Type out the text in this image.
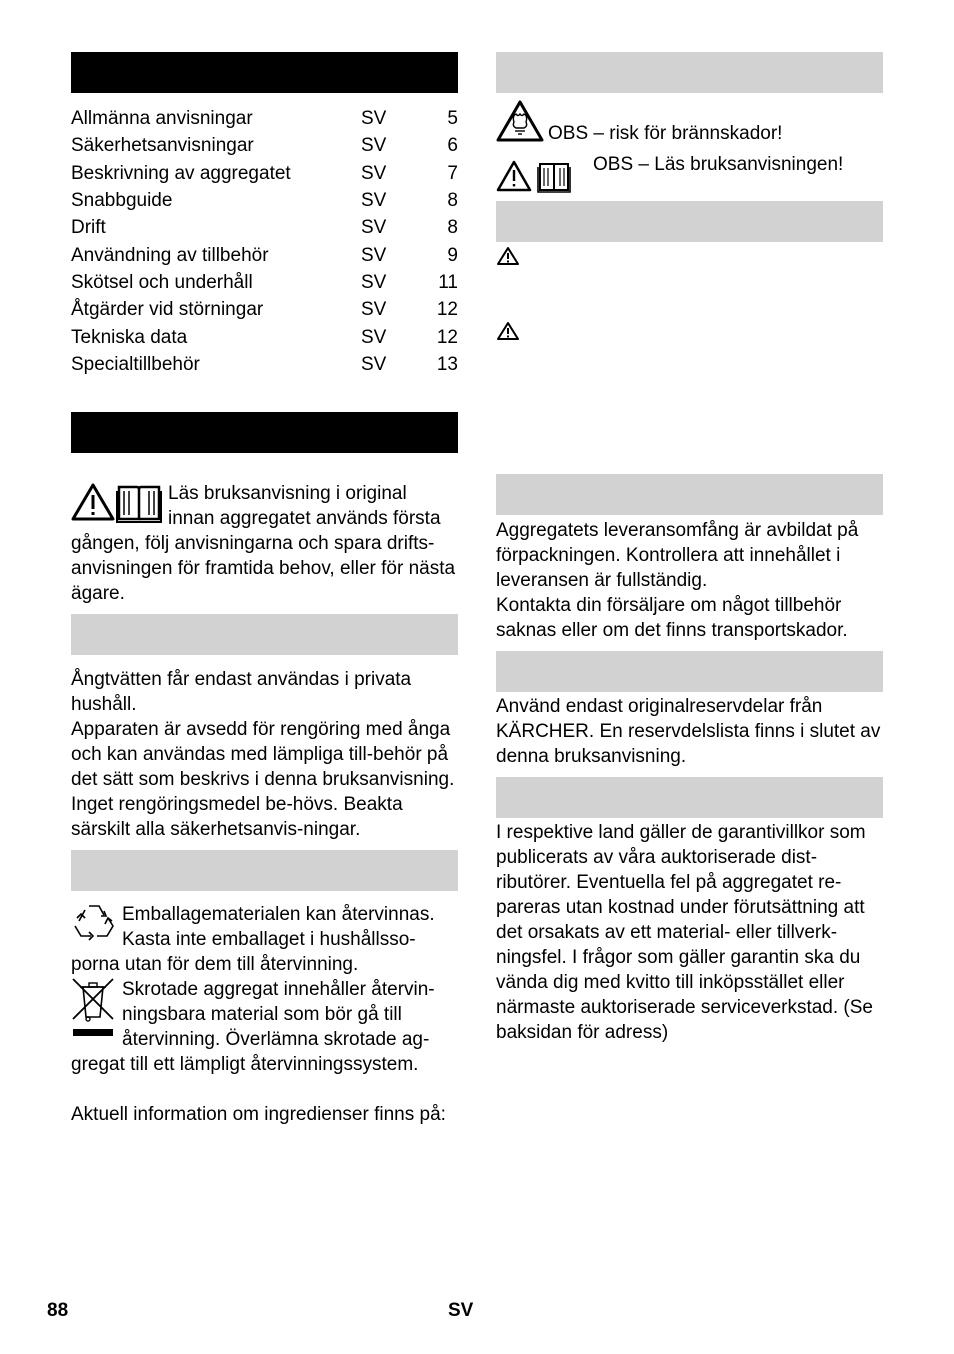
Allmänna anvisningar	SV	5
Säkerhetsanvisningar	SV	6
Beskrivning av aggregatet	SV	7
Snabbguide	SV	8
Drift	SV	8
Användning av tillbehör	SV	9
Skötsel och underhåll	SV	11
Åtgärder vid störningar	SV	12
Tekniska data	SV	12
Specialtillbehör	SV	13

Läs bruksanvisning i original

innan aggregatet används första

gången, följ anvisningarna och spara drifts-anvisningen för framtida behov, eller för nästa ägare.

Ångtvätten får endast användas i privata hushåll.

Apparaten är avsedd för rengöring med ånga och kan användas med lämpliga till-behör på det sätt som beskrivs i denna bruksanvisning. Inget rengöringsmedel be-hövs. Beakta särskilt alla säkerhetsanvis-ningar.

Emballagematerialen kan återvinnas. Kasta inte emballaget i hushållsso-porna utan för dem till återvinning.

Skrotade aggregat innehåller återvin-ningsbara material som bör gå till återvinning. Överlämna skrotade ag-gregat till ett lämpligt återvinningssystem.

Aktuell information om ingredienser finns på:

OBS – risk för brännskador!

OBS – Läs bruksanvisningen!

Aggregatets leveransomfång är avbildat på förpackningen. Kontrollera att innehållet i leveransen är fullständig.

Kontakta din försäljare om något tillbehör saknas eller om det finns transportskador.

Använd endast originalreservdelar från KÄRCHER. En reservdelslista finns i slutet av denna bruksanvisning.

I respektive land gäller de garantivillkor som publicerats av våra auktoriserade dist-ributörer. Eventuella fel på aggregatet re-pareras utan kostnad under förutsättning att det orsakats av ett material- eller tillverk-ningsfel. I frågor som gäller garantin ska du vända dig med kvitto till inköpsstället eller närmaste auktoriserade serviceverkstad. (Se baksidan för adress)

88	SV
